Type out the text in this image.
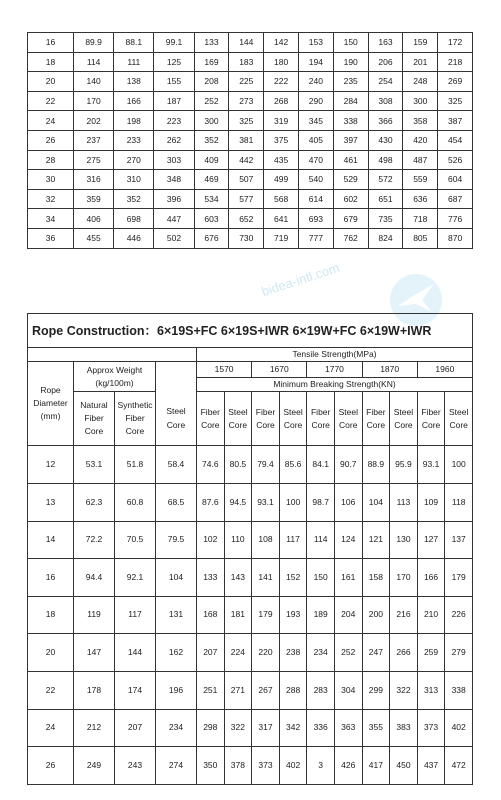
16	89.9	88.1	99.1	133	144	142	153	150	163	159	172
18	114	111	125	169	183	180	194	190	206	201	218
20	140	138	155	208	225	222	240	235	254	248	269
22	170	166	187	252	273	268	290	284	308	300	325
24	202	198	223	300	325	319	345	338	366	358	387
26	237	233	262	352	381	375	405	397	430	420	454
28	275	270	303	409	442	435	470	461	498	487	526
30	316	310	348	469	507	499	540	529	572	559	604
32	359	352	396	534	577	568	614	602	651	636	687
34	406	698	447	603	652	641	693	679	735	718	776
36	455	446	502	676	730	719	777	762	824	805	870
bidea-intl.com
Rope Construction：6×19S+FC 6×19S+IWR 6×19W+FC 6×19W+IWR
				Tensile Strength(MPa)									
Rope Diameter (mm)	Approx Weight (kg/100m)			1570		1670		1770		1870		1960	
				Minimum Breaking Strength(KN)									
	Natural Fiber Core	Synthetic Fiber Core	Steel Core	Fiber Core	Steel Core	Fiber Core	Steel Core	Fiber Core	Steel Core	Fiber Core	Steel Core	Fiber Core	Steel Core
12	53.1	51.8	58.4	74.6	80.5	79.4	85.6	84.1	90.7	88.9	95.9	93.1	100
13	62.3	60.8	68.5	87.6	94.5	93.1	100	98.7	106	104	113	109	118
14	72.2	70.5	79.5	102	110	108	117	114	124	121	130	127	137
16	94.4	92.1	104	133	143	141	152	150	161	158	170	166	179
18	119	117	131	168	181	179	193	189	204	200	216	210	226
20	147	144	162	207	224	220	238	234	252	247	266	259	279
22	178	174	196	251	271	267	288	283	304	299	322	313	338
24	212	207	234	298	322	317	342	336	363	355	383	373	402
26	249	243	274	350	378	373	402	3	426	417	450	437	472
